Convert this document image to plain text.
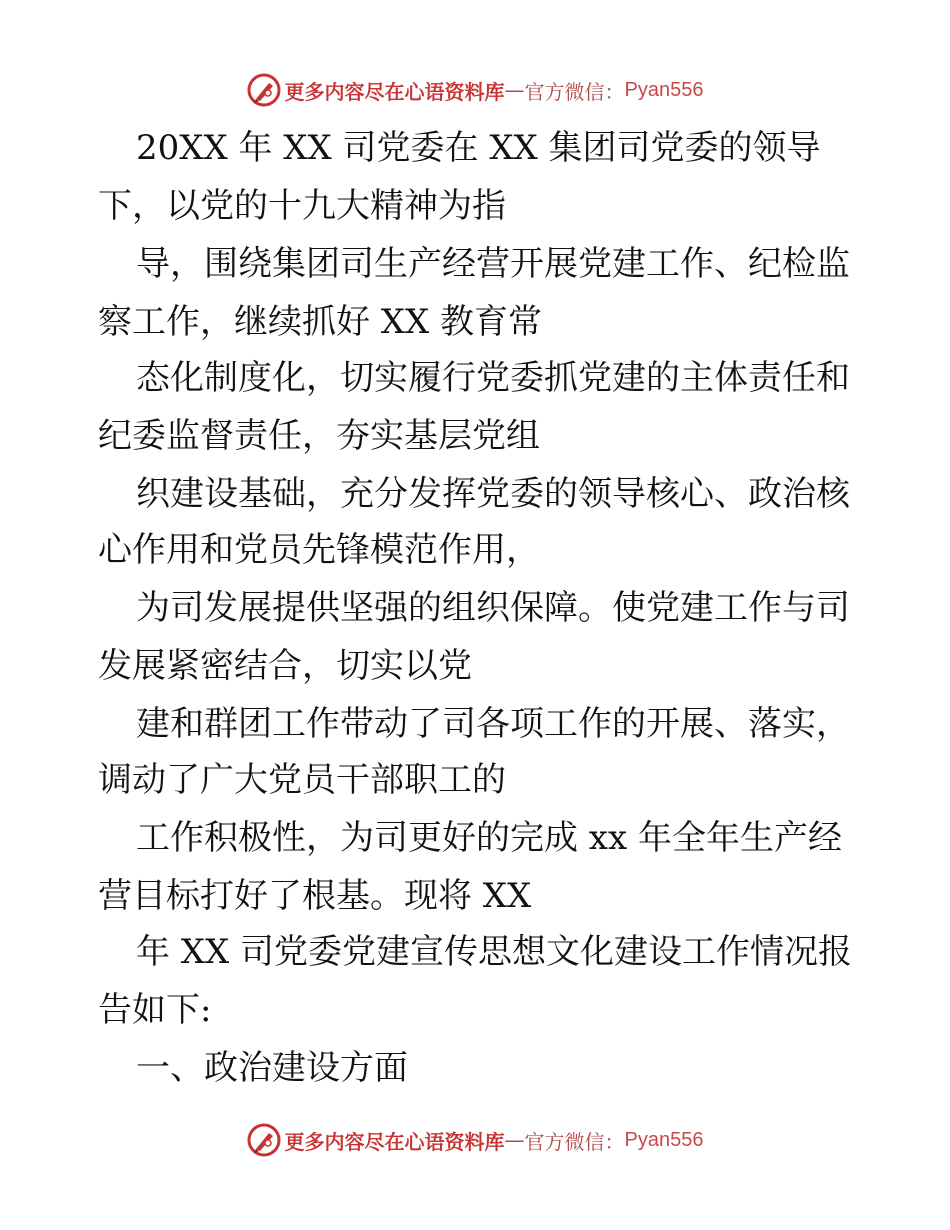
更多内容尽在心语资料库 — 官方微信： Pyan556
20XX 年 XX 司党委在 XX 集团司党委的领导
下，以党的十九大精神为指
导，围绕集团司生产经营开展党建工作、纪检监
察工作，继续抓好 XX 教育常
态化制度化，切实履行党委抓党建的主体责任和
纪委监督责任，夯实基层党组
织建设基础，充分发挥党委的领导核心、政治核
心作用和党员先锋模范作用，
为司发展提供坚强的组织保障。使党建工作与司
发展紧密结合，切实以党
建和群团工作带动了司各项工作的开展、落实，
调动了广大党员干部职工的
工作积极性，为司更好的完成 xx 年全年生产经
营目标打好了根基。现将 XX
年 XX 司党委党建宣传思想文化建设工作情况报
告如下:
一、政治建设方面
更多内容尽在心语资料库 — 官方微信： Pyan556
